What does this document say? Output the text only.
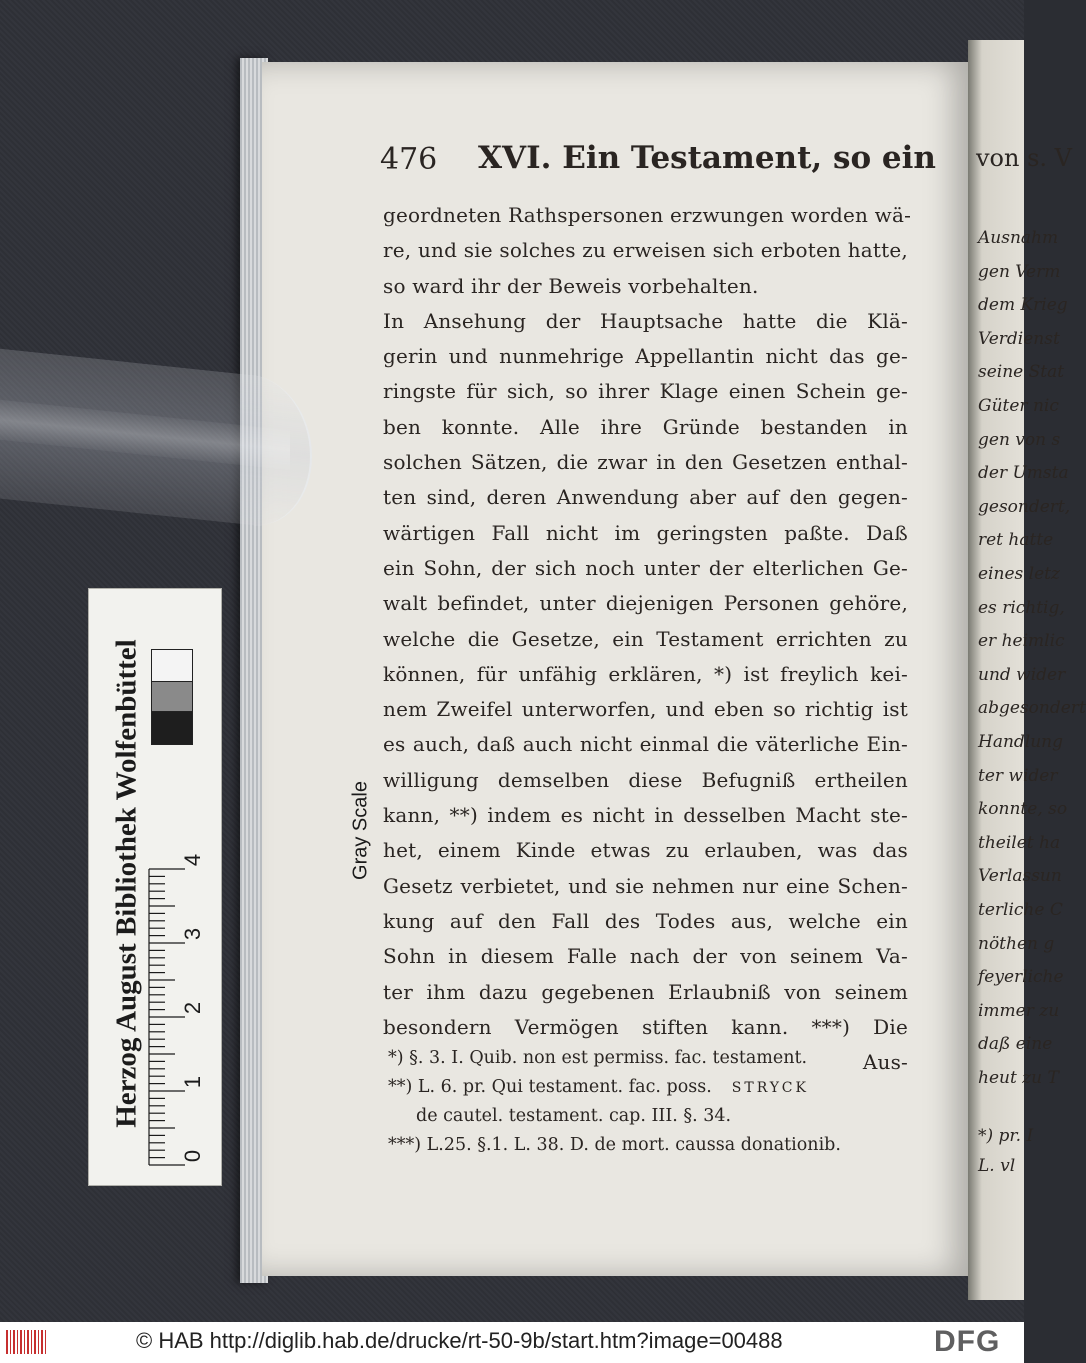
von s. V
Ausnahm
gen Verm
dem Krieg
Verdienst
seine Stat
Güter nic
gen von s
der Umsta
gesondert,
ret hatte
eines letz
es richtig,
er heimlic
und wider
abgesondert
Handlung
ter wider
konnte, so
theilet ha
Verlassun
terliche C
nöthen g
feyerliche
immer zu
daß eine
heut zu T
*) pr. I
L. vl
476 XVI. Ein Testament, so ein
geordneten Rathspersonen erzwungen worden wä-
re, und sie solches zu erweisen sich erboten hatte,
so ward ihr der Beweis vorbehalten.
In Ansehung der Hauptsache hatte die Klä-
gerin und nunmehrige Appellantin nicht das ge-
ringste für sich, so ihrer Klage einen Schein ge-
ben konnte. Alle ihre Gründe bestanden in
solchen Sätzen, die zwar in den Gesetzen enthal-
ten sind, deren Anwendung aber auf den gegen-
wärtigen Fall nicht im geringsten paßte. Daß
ein Sohn, der sich noch unter der elterlichen Ge-
walt befindet, unter diejenigen Personen gehöre,
welche die Gesetze, ein Testament errichten zu
können, für unfähig erklären, *) ist freylich kei-
nem Zweifel unterworfen, und eben so richtig ist
es auch, daß auch nicht einmal die väterliche Ein-
willigung demselben diese Befugniß ertheilen
kann, **) indem es nicht in desselben Macht ste-
het, einem Kinde etwas zu erlauben, was das
Gesetz verbietet, und sie nehmen nur eine Schen-
kung auf den Fall des Todes aus, welche ein
Sohn in diesem Falle nach der von seinem Va-
ter ihm dazu gegebenen Erlaubniß von seinem
besondern Vermögen stiften kann. ***) Die
Aus-
*) §. 3. I. Quib. non est permiss. fac. testament.
**) L. 6. pr. Qui testament. fac. poss. STRYCK
de cautel. testament. cap. III. §. 34.
***) L.25. §.1. L. 38. D. de mort. caussa donationib.
Herzog August Bibliothek Wolfenbüttel	Gray Scale
0
1
2
3
4
© HAB http://diglib.hab.de/drucke/rt-50-9b/start.htm?image=00488	DFG
